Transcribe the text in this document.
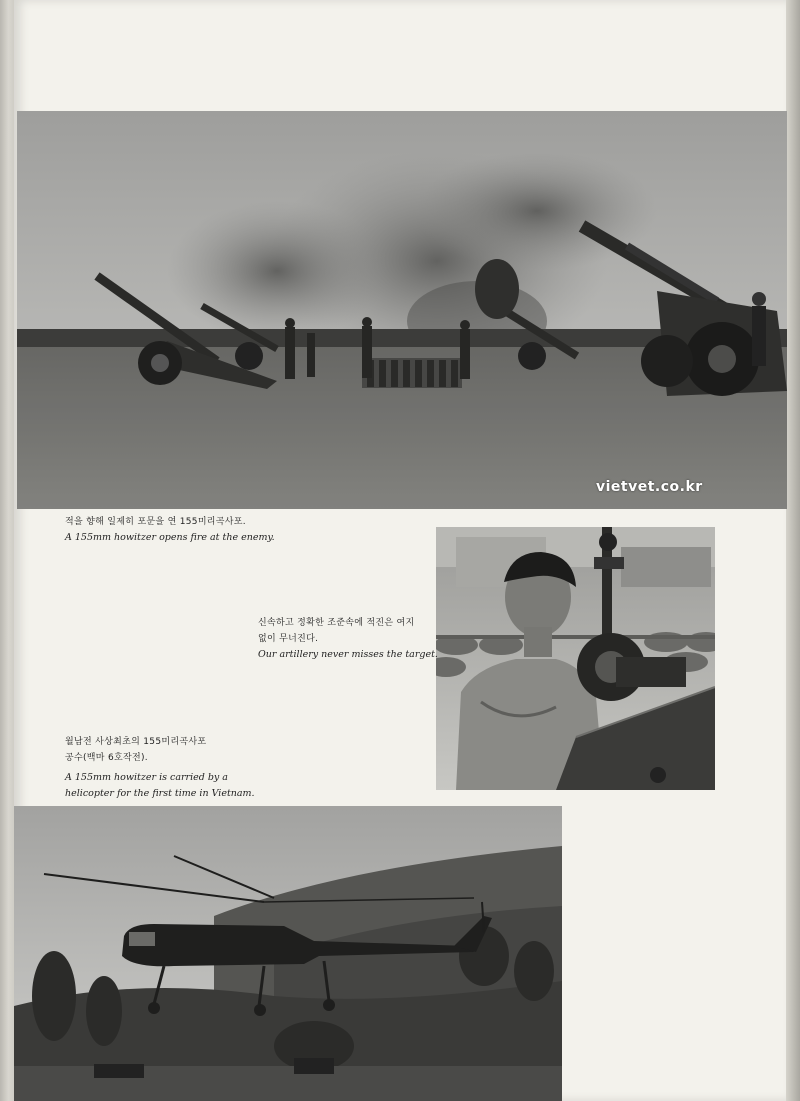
vietvet.co.kr
적을 향해 일제히 포문을 연 155미리곡사포.
A 155mm howitzer opens fire at the enemy.
신속하고 정확한 조준속에 적진은 여지
없이 무너진다.
Our artillery never misses the target.
월남전 사상최초의 155미리곡사포
공수(백마 6호작전).
A 155mm howitzer is carried by a
helicopter for the first time in Vietnam.
